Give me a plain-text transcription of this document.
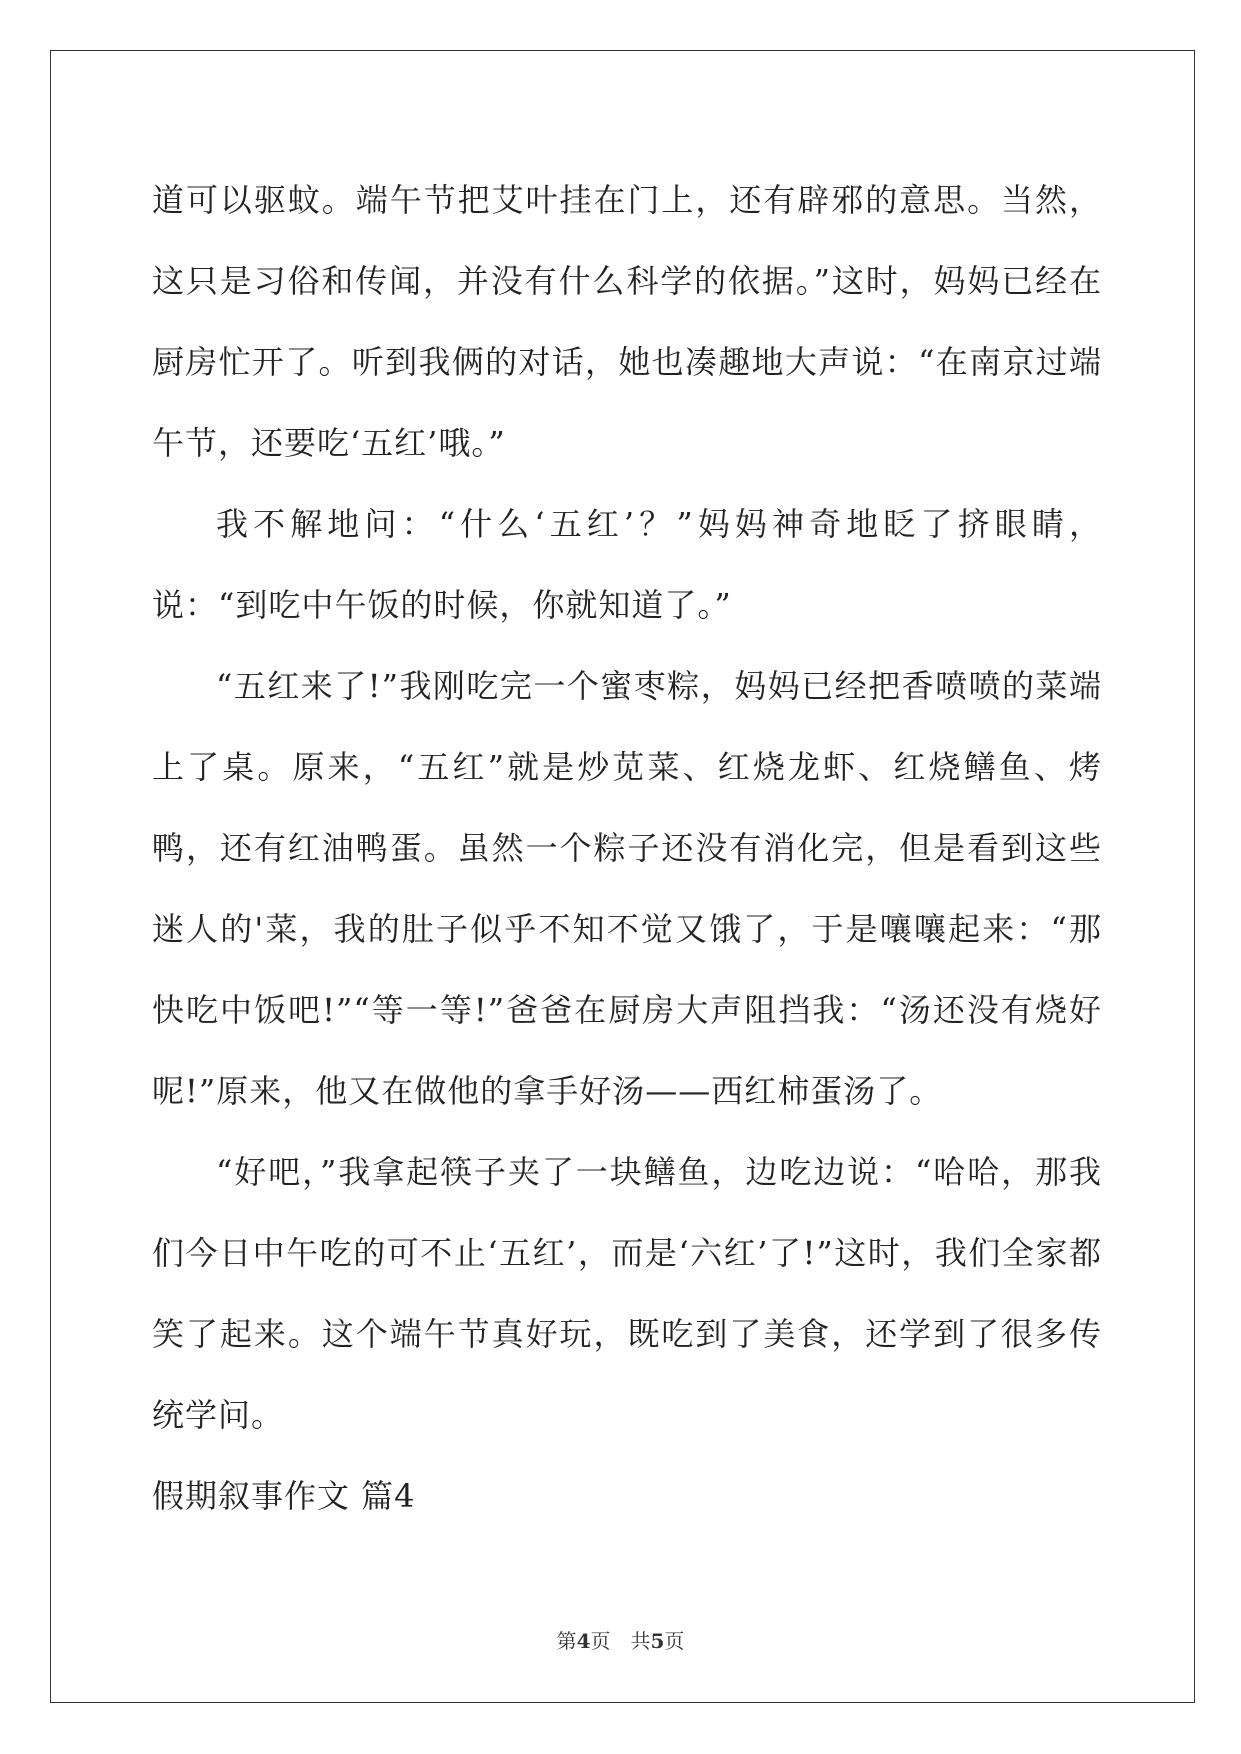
道可以驱蚊。端午节把艾叶挂在门上，还有辟邪的意思。当然，这只是习俗和传闻，并没有什么科学的依据。”这时，妈妈已经在厨房忙开了。听到我俩的对话，她也凑趣地大声说：“在南京过端午节，还要吃‘五红’哦。”

我不解地问：“什么‘五红’？”妈妈神奇地眨了挤眼睛，说：“到吃中午饭的时候，你就知道了。”

“五红来了!”我刚吃完一个蜜枣粽，妈妈已经把香喷喷的菜端上了桌。原来，“五红”就是炒苋菜、红烧龙虾、红烧鳝鱼、烤鸭，还有红油鸭蛋。虽然一个粽子还没有消化完，但是看到这些迷人的'菜，我的肚子似乎不知不觉又饿了，于是嚷嚷起来：“那快吃中饭吧!”“等一等!”爸爸在厨房大声阻挡我：“汤还没有烧好呢!”原来，他又在做他的拿手好汤——西红柿蛋汤了。

“好吧，”我拿起筷子夹了一块鳝鱼，边吃边说：“哈哈，那我们今日中午吃的可不止‘五红’，而是‘六红’了!”这时，我们全家都笑了起来。这个端午节真好玩，既吃到了美食，还学到了很多传统学问。

假期叙事作文 篇4

第4页 共5页
